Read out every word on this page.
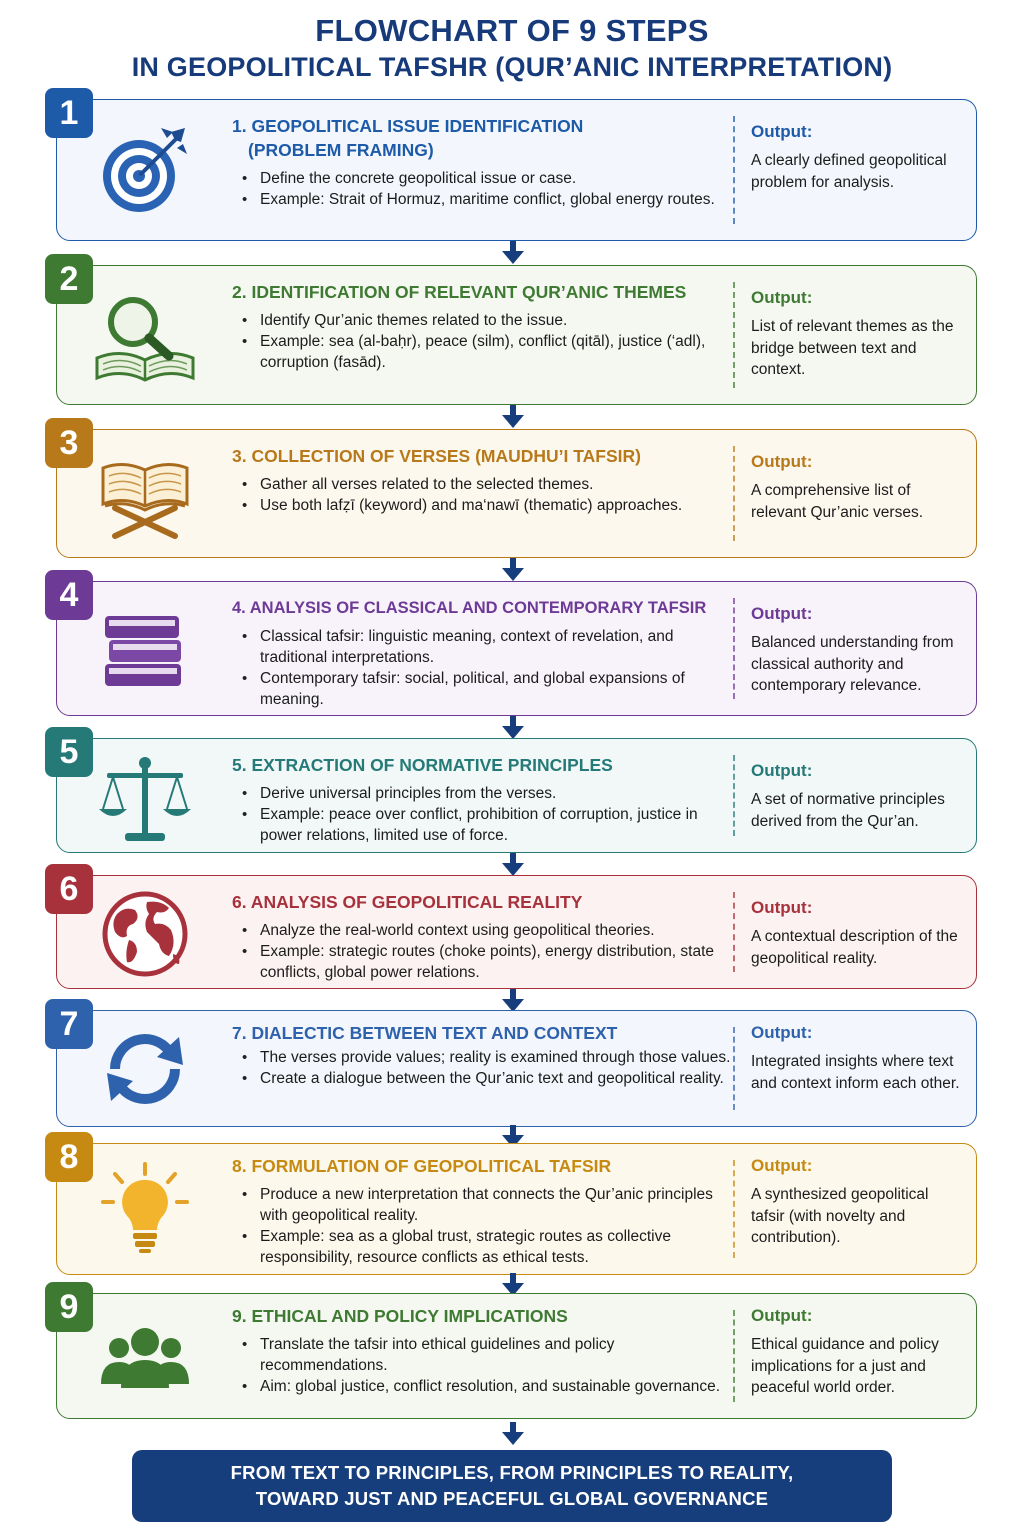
FLOWCHART OF 9 STEPS
IN GEOPOLITICAL TAFSHR (QUR’ANIC INTERPRETATION)
1	1. GEOPOLITICAL ISSUE IDENTIFICATION
(PROBLEM FRAMING)
• Define the concrete geopolitical issue or case.
• Example: Strait of Hormuz, maritime conflict, global energy routes.
Output:
A clearly defined geopolitical problem for analysis.
2	2. IDENTIFICATION OF RELEVANT QUR’ANIC THEMES
• Identify Qur’anic themes related to the issue.
• Example: sea (al-baḥr), peace (silm), conflict (qitāl), justice (‘adl), corruption (fasād).
Output:
List of relevant themes as the bridge between text and context.
3	3. COLLECTION OF VERSES (MAUDHU’I TAFSIR)
• Gather all verses related to the selected themes.
• Use both lafẓī (keyword) and ma‘nawī (thematic) approaches.
Output:
A comprehensive list of relevant Qur’anic verses.
4	4. ANALYSIS OF CLASSICAL AND CONTEMPORARY TAFSIR
• Classical tafsir: linguistic meaning, context of revelation, and traditional interpretations.
• Contemporary tafsir: social, political, and global expansions of meaning.
Output:
Balanced understanding from classical authority and contemporary relevance.
5	5. EXTRACTION OF NORMATIVE PRINCIPLES
• Derive universal principles from the verses.
• Example: peace over conflict, prohibition of corruption, justice in power relations, limited use of force.
Output:
A set of normative principles derived from the Qur’an.
6	6. ANALYSIS OF GEOPOLITICAL REALITY
• Analyze the real-world context using geopolitical theories.
• Example: strategic routes (choke points), energy distribution, state conflicts, global power relations.
Output:
A contextual description of the geopolitical reality.
7	7. DIALECTIC BETWEEN TEXT AND CONTEXT
• The verses provide values; reality is examined through those values.
• Create a dialogue between the Qur’anic text and geopolitical reality.
Output:
Integrated insights where text and context inform each other.
8	8. FORMULATION OF GEOPOLITICAL TAFSIR
• Produce a new interpretation that connects the Qur’anic principles with geopolitical reality.
• Example: sea as a global trust, strategic routes as collective responsibility, resource conflicts as ethical tests.
Output:
A synthesized geopolitical tafsir (with novelty and contribution).
9	9. ETHICAL AND POLICY IMPLICATIONS
• Translate the tafsir into ethical guidelines and policy recommendations.
• Aim: global justice, conflict resolution, and sustainable governance.
Output:
Ethical guidance and policy implications for a just and peaceful world order.
FROM TEXT TO PRINCIPLES, FROM PRINCIPLES TO REALITY,
TOWARD JUST AND PEACEFUL GLOBAL GOVERNANCE
